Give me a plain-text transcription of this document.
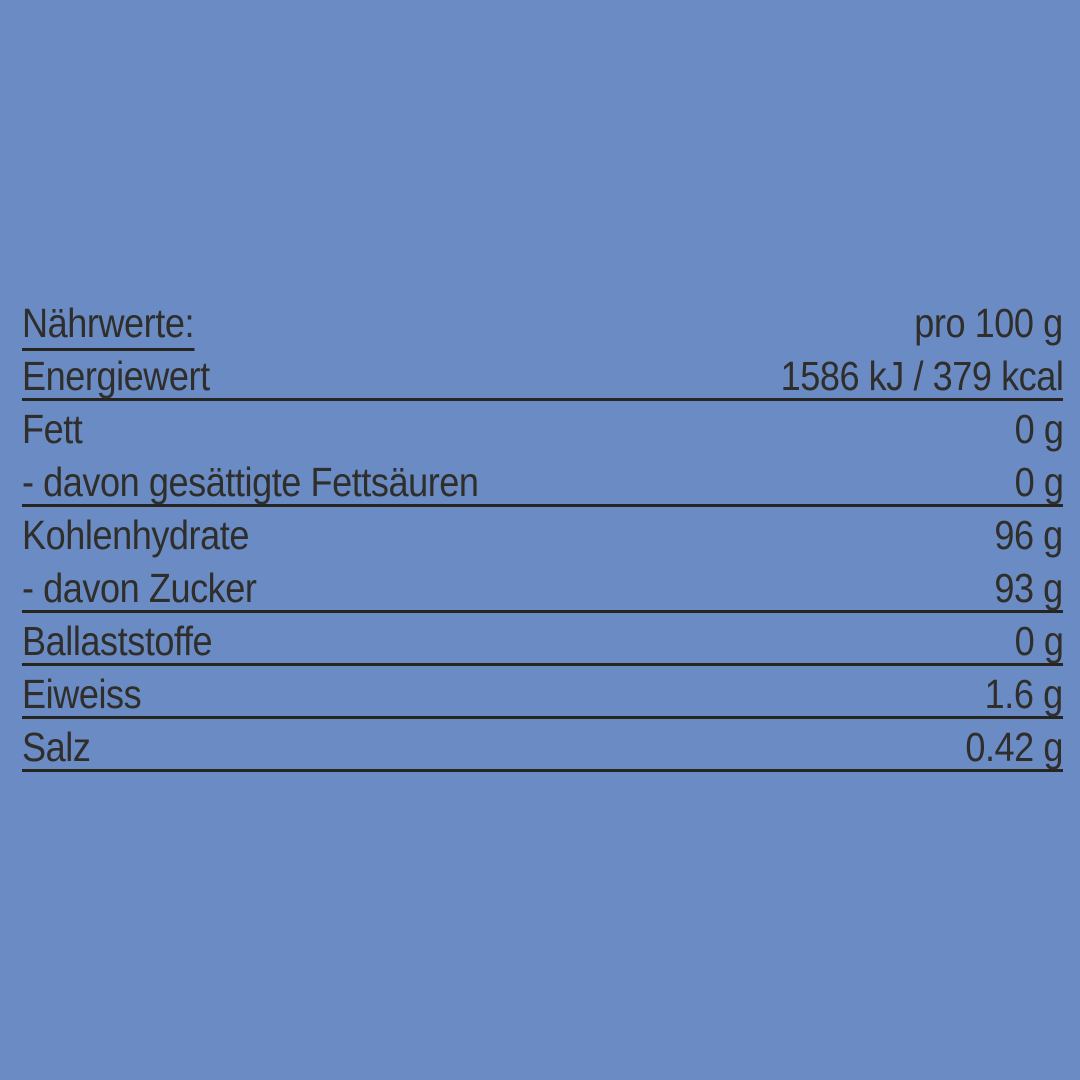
Nährwerte:	pro 100 g
Energiewert	1586 kJ / 379 kcal
Fett	0 g
- davon gesättigte Fettsäuren	0 g
Kohlenhydrate	96 g
- davon Zucker	93 g
Ballaststoffe	0 g
Eiweiss	1.6 g
Salz	0.42 g
